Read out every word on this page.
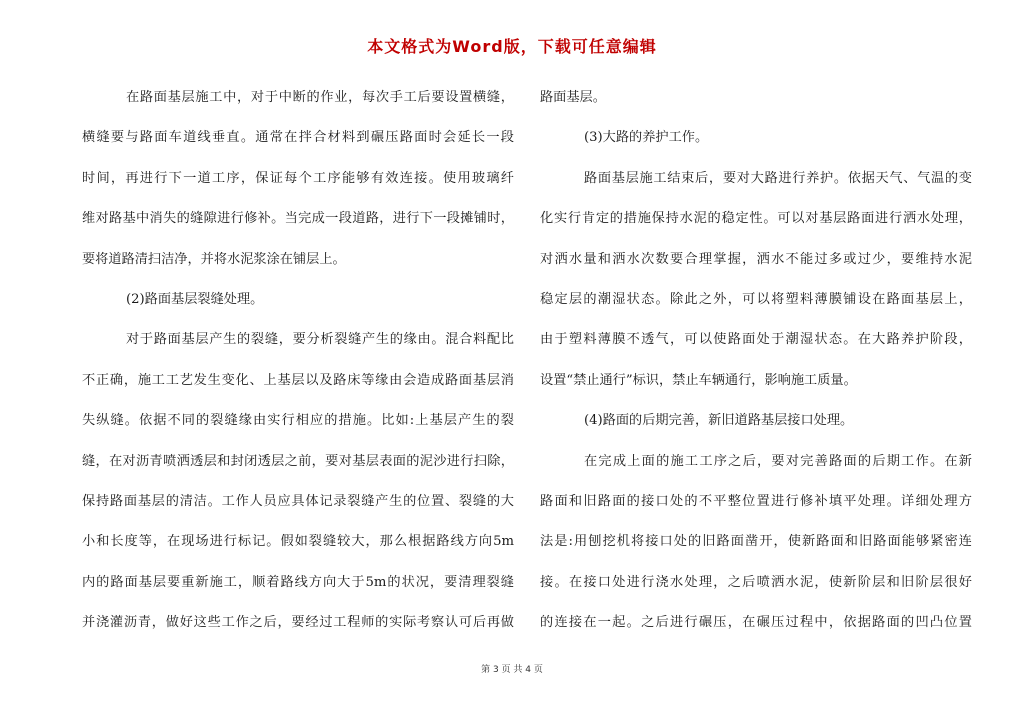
本文格式为Word版，下载可任意编辑
在路面基层施工中，对于中断的作业，每次手工后要设置横缝，
横缝要与路面车道线垂直。通常在拌合材料到碾压路面时会延长一段
时间，再进行下一道工序，保证每个工序能够有效连接。使用玻璃纤
维对路基中消失的缝隙进行修补。当完成一段道路，进行下一段摊铺时，
要将道路清扫洁净，并将水泥浆涂在铺层上。
(2)路面基层裂缝处理。
对于路面基层产生的裂缝，要分析裂缝产生的缘由。混合料配比
不正确，施工工艺发生变化、上基层以及路床等缘由会造成路面基层消
失纵缝。依据不同的裂缝缘由实行相应的措施。比如:上基层产生的裂
缝，在对沥青喷洒透层和封闭透层之前，要对基层表面的泥沙进行扫除，
保持路面基层的清洁。工作人员应具体记录裂缝产生的位置、裂缝的大
小和长度等，在现场进行标记。假如裂缝较大，那么根据路线方向5m
内的路面基层要重新施工，顺着路线方向大于5m的状况，要清理裂缝
并浇灌沥青，做好这些工作之后，要经过工程师的实际考察认可后再做
路面基层。
(3)大路的养护工作。
路面基层施工结束后，要对大路进行养护。依据天气、气温的变
化实行肯定的措施保持水泥的稳定性。可以对基层路面进行洒水处理，
对洒水量和洒水次数要合理掌握，洒水不能过多或过少，要维持水泥
稳定层的潮湿状态。除此之外，可以将塑料薄膜铺设在路面基层上，
由于塑料薄膜不透气，可以使路面处于潮湿状态。在大路养护阶段，
设置“禁止通行”标识，禁止车辆通行，影响施工质量。
(4)路面的后期完善，新旧道路基层接口处理。
在完成上面的施工工序之后，要对完善路面的后期工作。在新
路面和旧路面的接口处的不平整位置进行修补填平处理。详细处理方
法是:用刨挖机将接口处的旧路面凿开，使新路面和旧路面能够紧密连
接。在接口处进行浇水处理，之后喷洒水泥，使新阶层和旧阶层很好
的连接在一起。之后进行碾压，在碾压过程中，依据路面的凹凸位置
第 3 页 共 4 页
